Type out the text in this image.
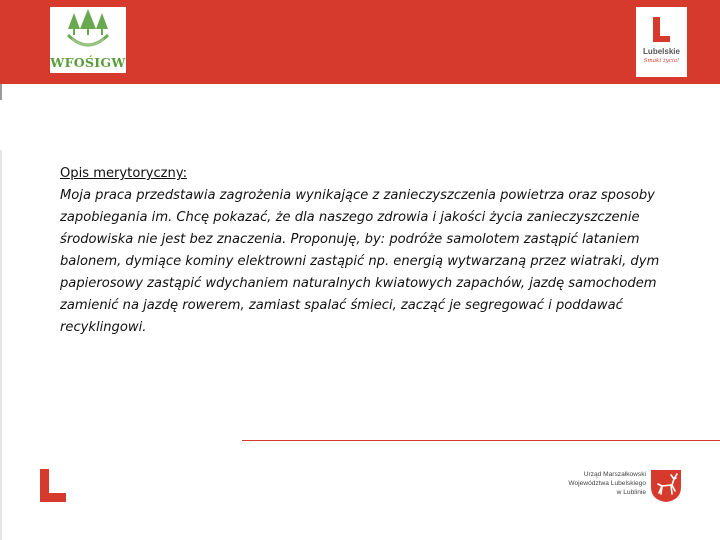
WFOŚIGW
Lubelskie
Smaki życia!
Opis merytoryczny:
Moja praca przedstawia zagrożenia wynikające z zanieczyszczenia powietrza oraz sposoby zapobiegania im. Chcę pokazać, że dla naszego zdrowia i jakości życia zanieczyszczenie środowiska nie jest bez znaczenia. Proponuję, by: podróże samolotem zastąpić lataniem balonem, dymiące kominy elektrowni zastąpić np. energią wytwarzaną przez wiatraki, dym papierosowy zastąpić wdychaniem naturalnych kwiatowych zapachów, jazdę samochodem zamienić na jazdę rowerem, zamiast spalać śmieci, zacząć je segregować i poddawać recyklingowi.
Urząd Marszałkowski
Województwa Lubelskiego
w Lublinie
